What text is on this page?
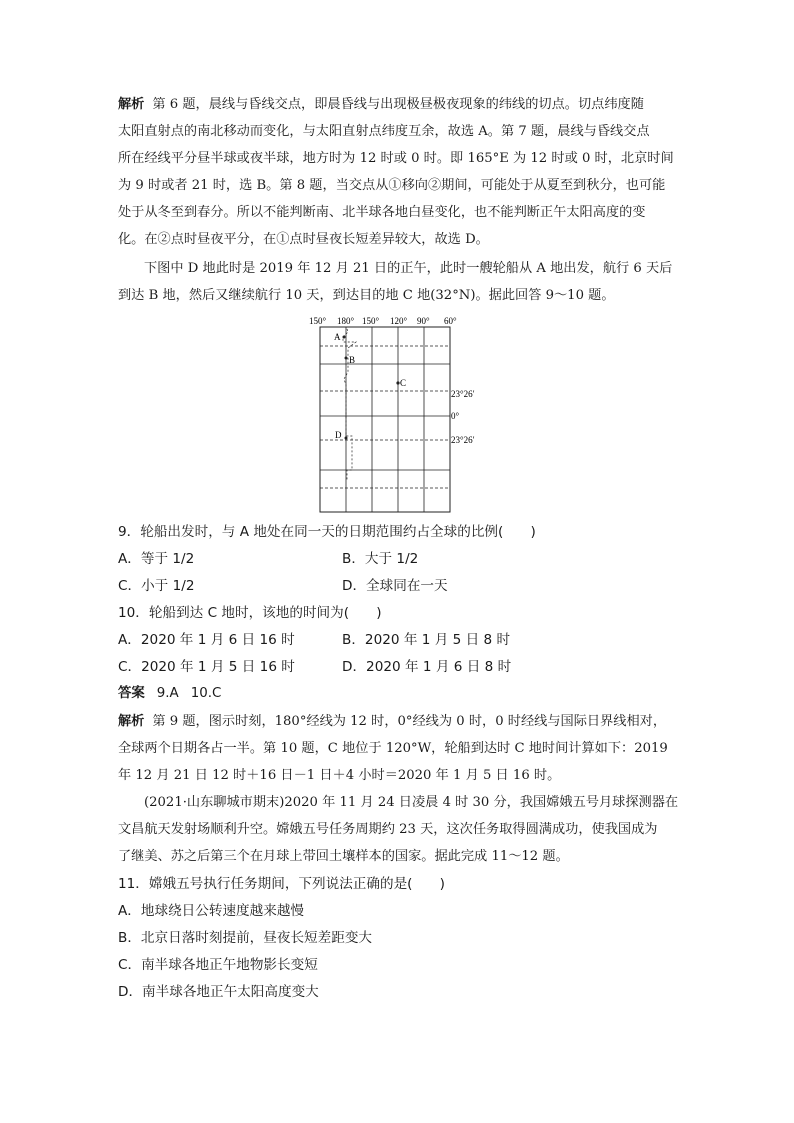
解析 第 6 题，晨线与昏线交点，即晨昏线与出现极昼极夜现象的纬线的切点。切点纬度随
太阳直射点的南北移动而变化，与太阳直射点纬度互余，故选 A。第 7 题，晨线与昏线交点
所在经线平分昼半球或夜半球，地方时为 12 时或 0 时。即 165°E 为 12 时或 0 时，北京时间
为 9 时或者 21 时，选 B。第 8 题，当交点从①移向②期间，可能处于从夏至到秋分，也可能
处于从冬至到春分。所以不能判断南、北半球各地白昼变化，也不能判断正午太阳高度的变
化。在②点时昼夜平分，在①点时昼夜长短差异较大，故选 D。
下图中 D 地此时是 2019 年 12 月 21 日的正午，此时一艘轮船从 A 地出发，航行 6 天后
到达 B 地，然后又继续航行 10 天，到达目的地 C 地(32°N)。据此回答 9～10 题。
150° 180° 150° 120° 90° 60°
23°26′
0°
23°26′
A
B
C
D
9．轮船出发时，与 A 地处在同一天的日期范围约占全球的比例(　　)
A．等于 1/2	B．大于 1/2
C．小于 1/2	D．全球同在一天
10．轮船到达 C 地时，该地的时间为(　　)
A．2020 年 1 月 6 日 16 时	B．2020 年 1 月 5 日 8 时
C．2020 年 1 月 5 日 16 时	D．2020 年 1 月 6 日 8 时
答案 9.A 10.C
解析 第 9 题，图示时刻，180°经线为 12 时，0°经线为 0 时，0 时经线与国际日界线相对，
全球两个日期各占一半。第 10 题，C 地位于 120°W，轮船到达时 C 地时间计算如下：2019
年 12 月 21 日 12 时＋16 日－1 日＋4 小时＝2020 年 1 月 5 日 16 时。
(2021·山东聊城市期末)2020 年 11 月 24 日凌晨 4 时 30 分，我国嫦娥五号月球探测器在
文昌航天发射场顺利升空。嫦娥五号任务周期约 23 天，这次任务取得圆满成功，使我国成为
了继美、苏之后第三个在月球上带回土壤样本的国家。据此完成 11～12 题。
11．嫦娥五号执行任务期间，下列说法正确的是(　　)
A．地球绕日公转速度越来越慢
B．北京日落时刻提前，昼夜长短差距变大
C．南半球各地正午地物影长变短
D．南半球各地正午太阳高度变大
